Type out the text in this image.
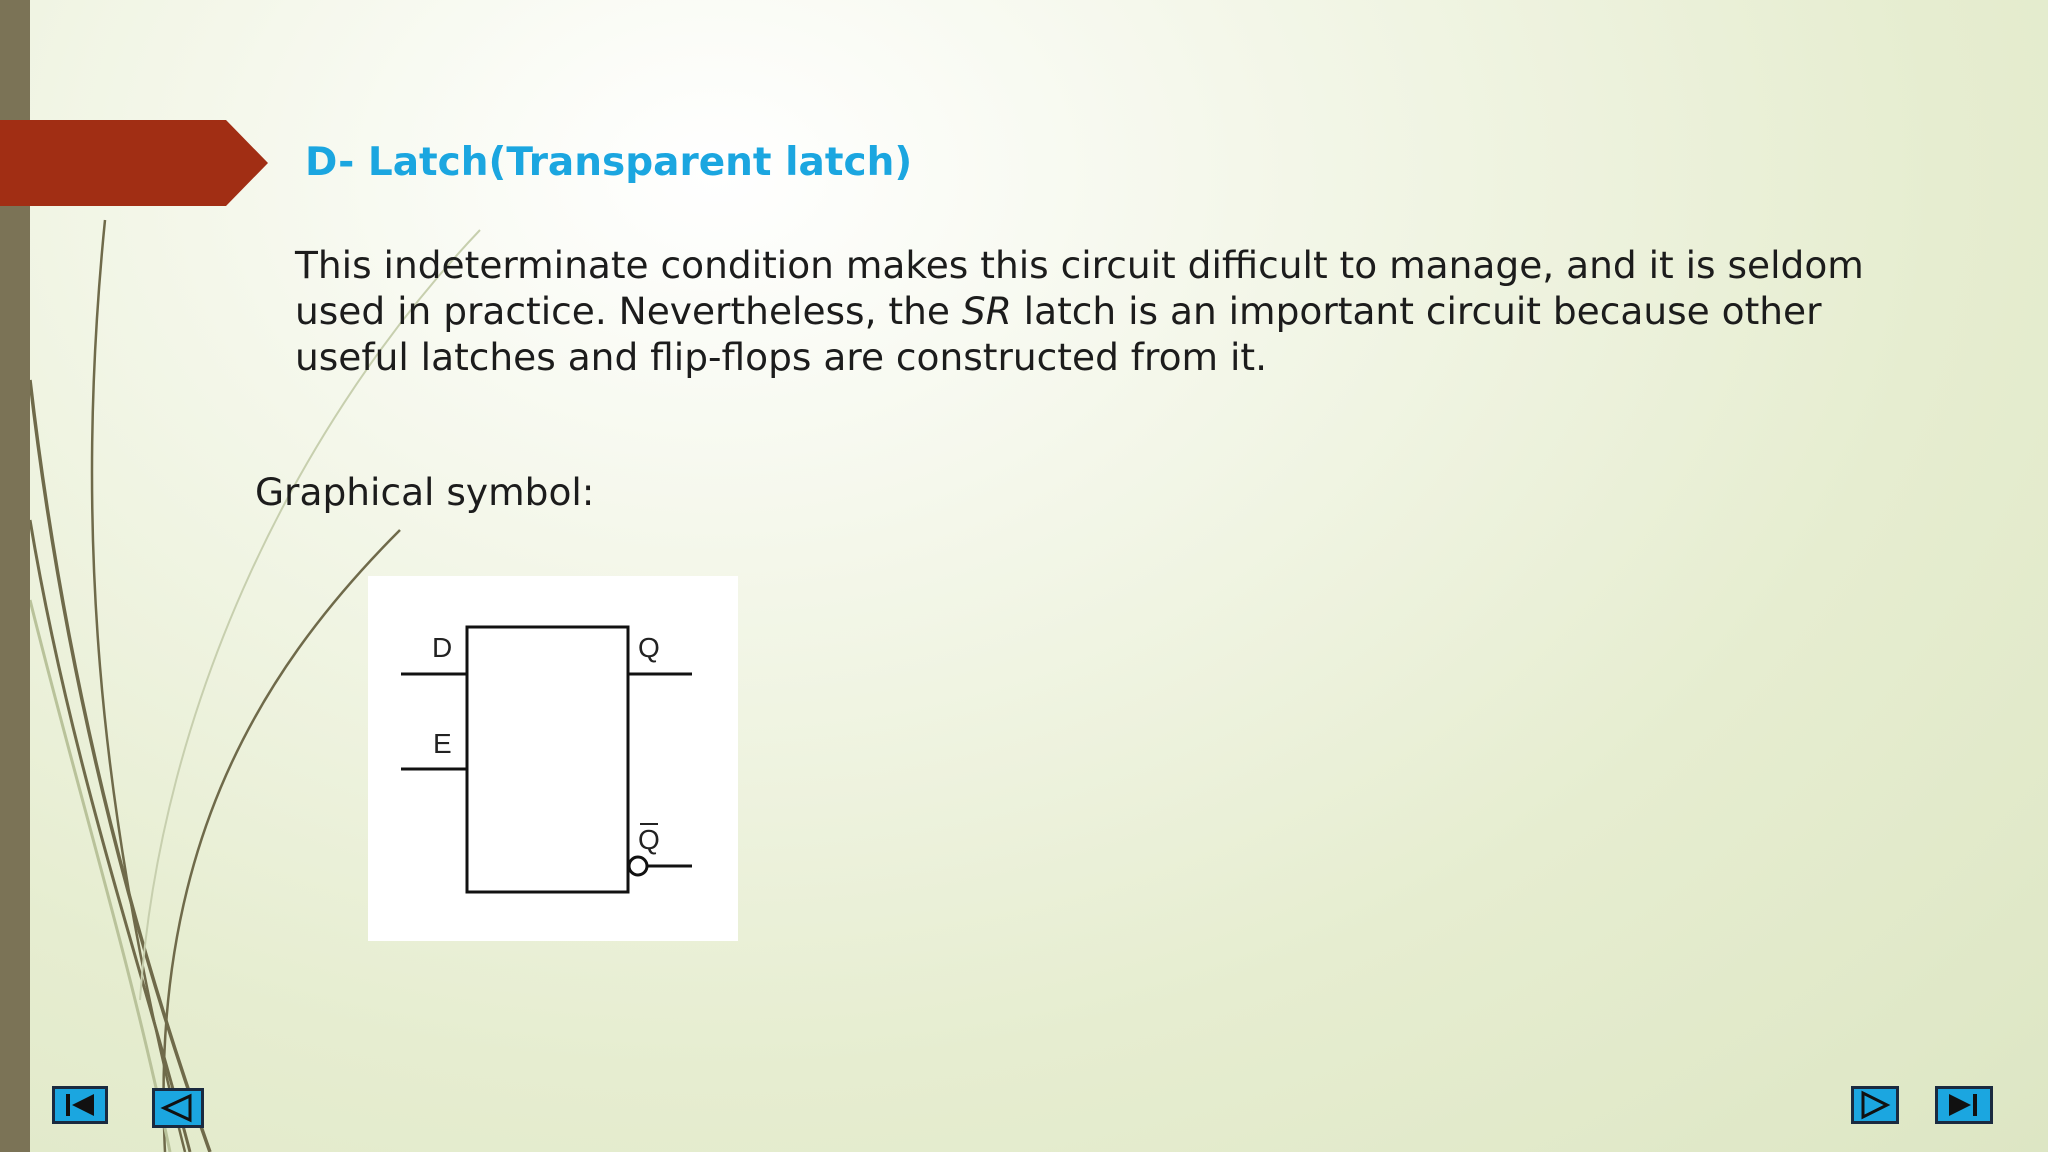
D- Latch(Transparent latch)
This indeterminate condition makes this circuit difficult to manage, and it is seldom used in practice. Nevertheless, the SR latch is an important circuit because other useful latches and flip-flops are constructed from it.
Graphical symbol:
D
E
Q
Q
